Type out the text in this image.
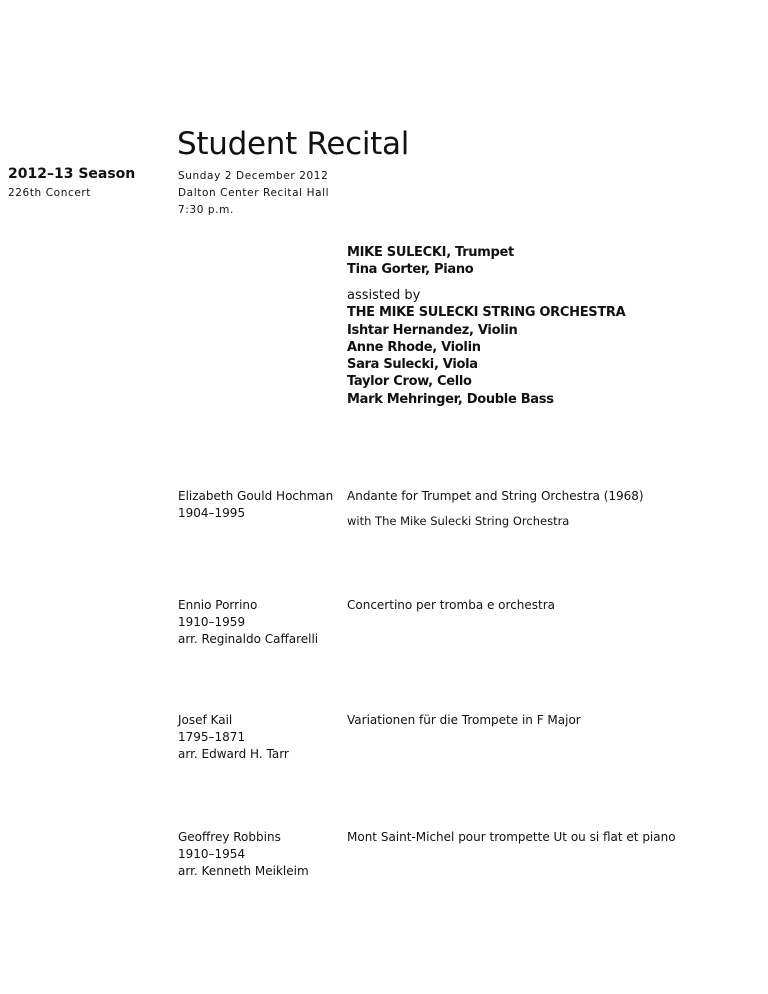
Student Recital
2012–13 Season
226th Concert
Sunday 2 December 2012
Dalton Center Recital Hall
7:30 p.m.
MIKE SULECKI, Trumpet
Tina Gorter, Piano
assisted by
THE MIKE SULECKI STRING ORCHESTRA
Ishtar Hernandez, Violin
Anne Rhode, Violin
Sara Sulecki, Viola
Taylor Crow, Cello
Mark Mehringer, Double Bass
Elizabeth Gould Hochman
1904–1995
Andante for Trumpet and String Orchestra (1968)
with The Mike Sulecki String Orchestra
Ennio Porrino
1910–1959
arr. Reginaldo Caffarelli
Concertino per tromba e orchestra
Josef Kail
1795–1871
arr. Edward H. Tarr
Variationen für die Trompete in F Major
Geoffrey Robbins
1910–1954
arr. Kenneth Meikleim
Mont Saint-Michel pour trompette Ut ou si flat et piano
